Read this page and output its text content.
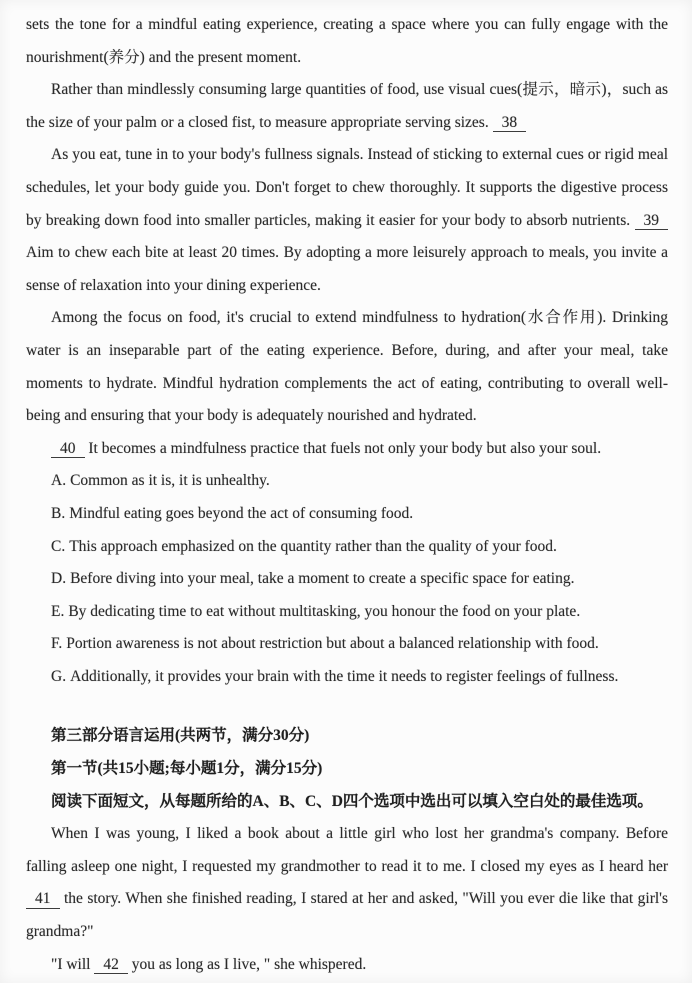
sets the tone for a mindful eating experience, creating a space where you can fully engage with the nourishment(养分) and the present moment.

Rather than mindlessly consuming large quantities of food, use visual cues(提示，暗示)，such as the size of your palm or a closed fist, to measure appropriate serving sizes. 38

As you eat, tune in to your body's fullness signals. Instead of sticking to external cues or rigid meal schedules, let your body guide you. Don't forget to chew thoroughly. It supports the digestive process by breaking down food into smaller particles, making it easier for your body to absorb nutrients. 39 Aim to chew each bite at least 20 times. By adopting a more leisurely approach to meals, you invite a sense of relaxation into your dining experience.

Among the focus on food, it's crucial to extend mindfulness to hydration(水合作用). Drinking water is an inseparable part of the eating experience. Before, during, and after your meal, take moments to hydrate. Mindful hydration complements the act of eating, contributing to overall well-being and ensuring that your body is adequately nourished and hydrated.

40 It becomes a mindfulness practice that fuels not only your body but also your soul.

A. Common as it is, it is unhealthy.

B. Mindful eating goes beyond the act of consuming food.

C. This approach emphasized on the quantity rather than the quality of your food.

D. Before diving into your meal, take a moment to create a specific space for eating.

E. By dedicating time to eat without multitasking, you honour the food on your plate.

F. Portion awareness is not about restriction but about a balanced relationship with food.

G. Additionally, it provides your brain with the time it needs to register feelings of fullness.

第三部分语言运用(共两节，满分30分)

第一节(共15小题;每小题1分，满分15分)

阅读下面短文，从每题所给的A、B、C、D四个选项中选出可以填入空白处的最佳选项。

When I was young, I liked a book about a little girl who lost her grandma's company. Before falling asleep one night, I requested my grandmother to read it to me. I closed my eyes as I heard her 41 the story. When she finished reading, I stared at her and asked, "Will you ever die like that girl's grandma?"

"I will 42 you as long as I live, " she whispered.
